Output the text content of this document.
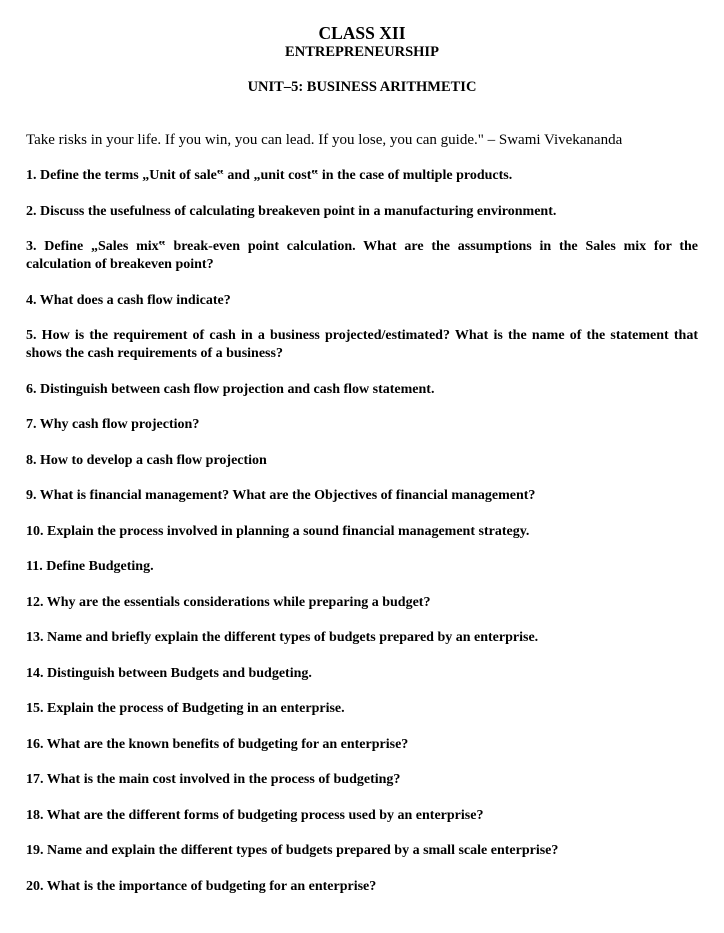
CLASS XII
ENTREPRENEURSHIP
UNIT–5: BUSINESS ARITHMETIC
Take risks in your life. If you win, you can lead. If you lose, you can guide." – Swami Vivekananda
1. Define the terms „Unit of sale‟ and „unit cost‟ in the case of multiple products.
2. Discuss the usefulness of calculating breakeven point in a manufacturing environment.
3. Define „Sales mix‟ break-even point calculation. What are the assumptions in the Sales mix for the calculation of breakeven point?
4. What does a cash flow indicate?
5. How is the requirement of cash in a business projected/estimated? What is the name of the statement that shows the cash requirements of a business?
6. Distinguish between cash flow projection and cash flow statement.
7. Why cash flow projection?
8. How to develop a cash flow projection
9. What is financial management? What are the Objectives of financial management?
10. Explain the process involved in planning a sound financial management strategy.
11. Define Budgeting.
12. Why are the essentials considerations while preparing a budget?
13. Name and briefly explain the different types of budgets prepared by an enterprise.
14. Distinguish between Budgets and budgeting.
15. Explain the process of Budgeting in an enterprise.
16. What are the known benefits of budgeting for an enterprise?
17. What is the main cost involved in the process of budgeting?
18. What are the different forms of budgeting process used by an enterprise?
19. Name and explain the different types of budgets prepared by a small scale enterprise?
20. What is the importance of budgeting for an enterprise?
